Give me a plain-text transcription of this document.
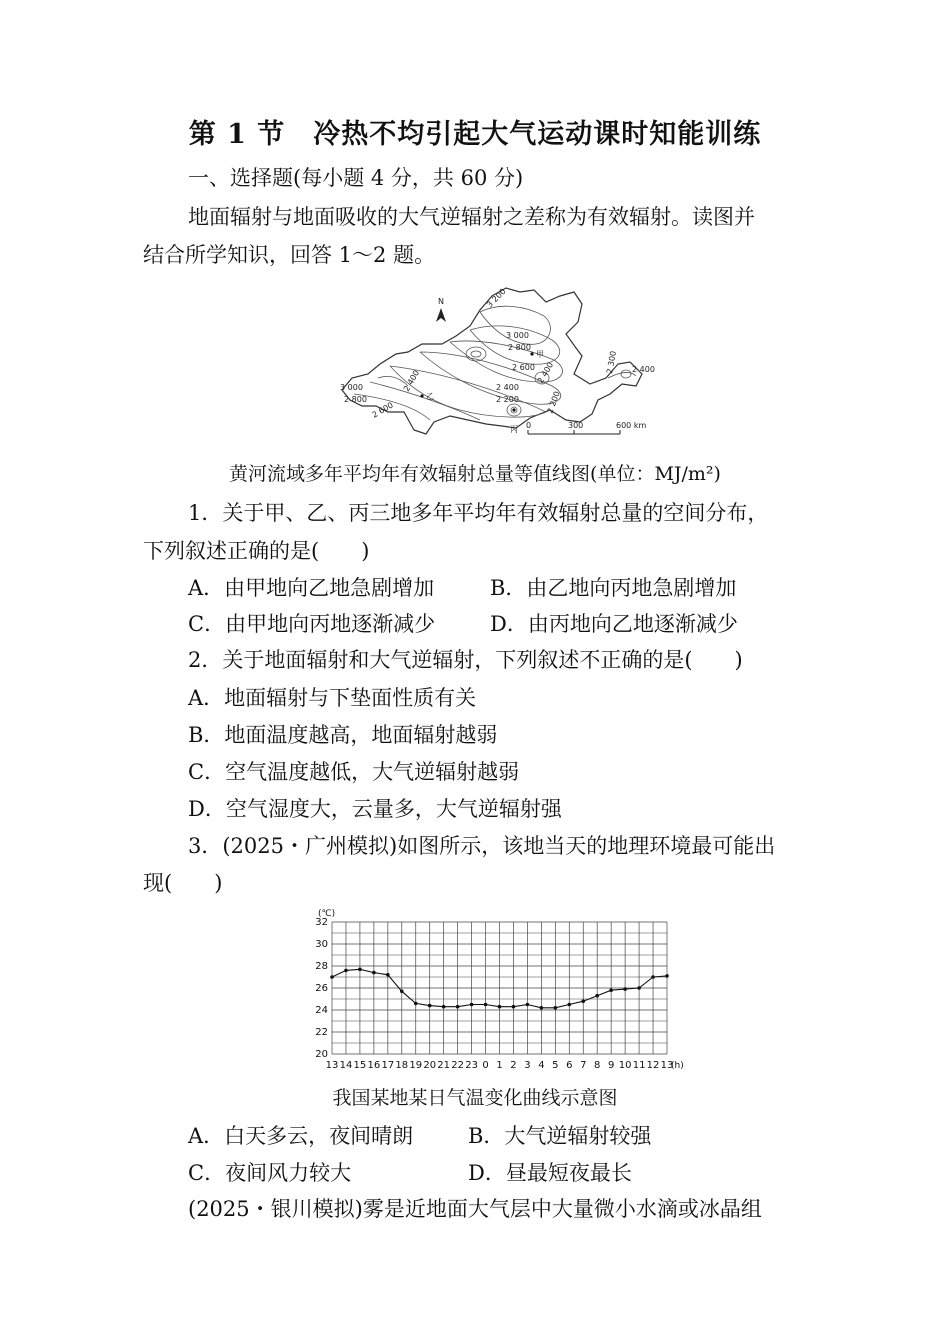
第 1 节　冷热不均引起大气运动课时知能训练
一、选择题(每小题 4 分，共 60 分)
地面辐射与地面吸收的大气逆辐射之差称为有效辐射。读图并
结合所学知识，回答 1～2 题。
N	3 200
3 000
2 800
2 600
2 400
2 200
3 000
2 800
2 600
2 400	2 400	2 300
2 200
2 400
甲
乙
丙 0	300	600 km
黄河流域多年平均年有效辐射总量等值线图(单位：MJ/m²)
1．关于甲、乙、丙三地多年平均年有效辐射总量的空间分布，
下列叙述正确的是(　　)
A．由甲地向乙地急剧增加	B．由乙地向丙地急剧增加
C．由甲地向丙地逐渐减少	D．由丙地向乙地逐渐减少
2．关于地面辐射和大气逆辐射，下列叙述不正确的是(　　)
A．地面辐射与下垫面性质有关
B．地面温度越高，地面辐射越弱
C．空气温度越低，大气逆辐射越弱
D．空气湿度大，云量多，大气逆辐射强
3．(2025・广州模拟)如图所示，该地当天的地理环境最可能出
现(　　)
20
22
24
26
28
30
32
(℃)
13 14 15 16 17 18 19 20 21 22 23 0 1 2 3 4 5 6 7 8 9 10 11 12 13
(h)
我国某地某日气温变化曲线示意图
A．白天多云，夜间晴朗	B．大气逆辐射较强
C．夜间风力较大	D．昼最短夜最长
(2025・银川模拟)雾是近地面大气层中大量微小水滴或冰晶组
